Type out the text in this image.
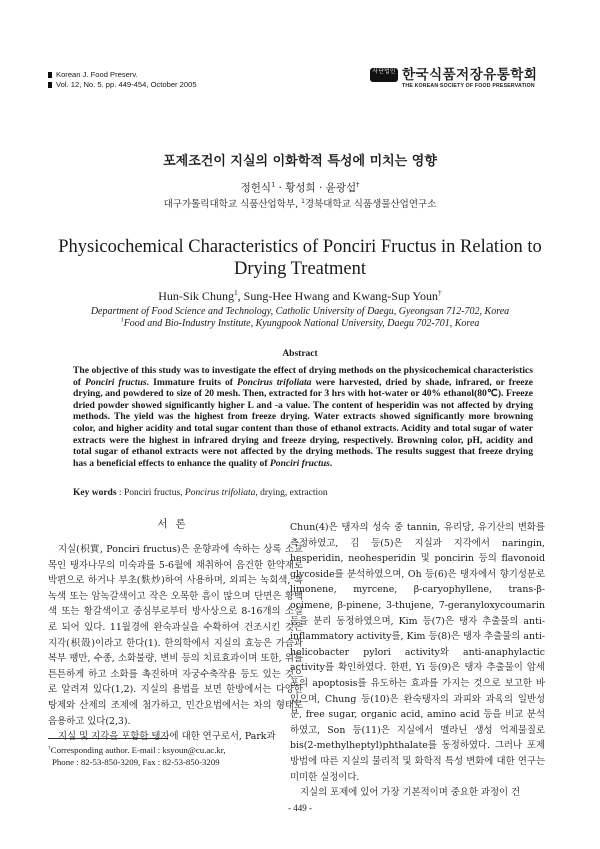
Korean J. Food Preserv.
Vol. 12, No. 5. pp. 449-454, October 2005
사단법인 한국식품저장유통학회
THE KOREAN SOCIETY OF FOOD PRESERVATION
포제조건이 지실의 이화학적 특성에 미치는 영향
정헌식$^1$ · 황성희 · 윤광섭†
대구가톨릭대학교 식품산업학부, $^1$경북대학교 식품생물산업연구소
Physicochemical Characteristics of Ponciri Fructus in Relation to Drying Treatment
Hun-Sik Chung$^1$, Sung-Hee Hwang and Kwang-Sup Youn†
Department of Food Science and Technology, Catholic University of Daegu, Gyeongsan 712-702, Korea
$^1$Food and Bio-Industry Institute, Kyungpook National University, Daegu 702-701, Korea
Abstract
The objective of this study was to investigate the effect of drying methods on the physicochemical characteristics of Ponciri fructus. Immature fruits of Poncirus trifoliata were harvested, dried by shade, infrared, or freeze drying, and powdered to size of 20 mesh. Then, extracted for 3 hrs with hot-water or 40% ethanol(80℃). Freeze dried powder showed significantly higher L and -a value. The content of hesperidin was not affected by drying methods. The yield was the highest from freeze drying. Water extracts showed significantly more browning color, and higher acidity and total sugar content than those of ethanol extracts. Acidity and total sugar of water extracts were the highest in infrared drying and freeze drying, respectively. Browning color, pH, acidity and total sugar of ethanol extracts were not affected by the drying methods. The results suggest that freeze drying has a beneficial effects to enhance the quality of Ponciri fructus.
Key words : Ponciri fructus, Poncirus trifoliata, drying, extraction
서론

지실(枳實, Ponciri fructus)은 운향과에 속하는 상록 소교목인 탱자나무의 미숙과를 5-6월에 채취하여 음건한 한약재로 박편으로 하거나 부초(麩炒)하여 사용하며, 외피는 녹회색, 흑녹색 또는 암녹갈색이고 작은 오목한 흠이 많으며 단면은 황백색 또는 황갈색이고 중심부로부터 방사상으로 8-16개의 소실로 되어 있다. 11월경에 완숙과실을 수확하여 건조시킨 것은 지각(枳殼)이라고 한다(1). 한의학에서 지실의 효능은 가슴과 복부 팽만, 수종, 소화불량, 변비 등의 치료효과이며 또한, 위를 튼튼하게 하고 소화를 촉진하며 자궁수축작용 등도 있는 것으로 알려져 있다(1,2). 지실의 용법을 보면 한방에서는 다양한 탕제와 산제의 조제에 첨가하고, 민간요법에서는 차의 형태로 음용하고 있다(2,3).

지실 및 지각을 포함한 탱자에 대한 연구로서, Park과

Chun(4)은 탱자의 성숙 중 tannin, 유리당, 유기산의 변화를 측정하였고, 김 등(5)은 지실과 지각에서 naringin, hesperidin, neohesperidin 및 poncirin 등의 flavonoid glycoside를 분석하였으며, Oh 등(6)은 탱자에서 향기성분로 limonene, myrcene, β-caryophyllene, trans-β-ocimene, β-pinene, 3-thujene, 7-geranyloxycoumarin 등을 분리 동정하였으며, Kim 등(7)은 탱자 추출물의 anti-inflammatory activity를, Kim 등(8)은 탱자 추출물의 anti-helicobacter pylori activity와 anti-anaphylactic activity를 확인하였다. 한편, Yi 등(9)은 탱자 추출물이 암세포의 apoptosis를 유도하는 효과를 가지는 것으로 보고한 바 있으며, Chung 등(10)은 완숙탱자의 과피와 과육의 일반성분, free sugar, organic acid, amino acid 등을 비교 분석하였고, Son 등(11)은 지실에서 멜라닌 생성 억제물질로 bis(2-methylheptyl)phthalate를 동정하였다. 그러나 포제방법에 따른 지실의 물리적 및 화학적 특성 변화에 대한 연구는 미미한 실정이다.

지실의 포제에 있어 가장 기본적이며 중요한 과정이 건

†Corresponding author. E-mail : ksyoun@cu.ac.kr,
Phone : 82-53-850-3209, Fax : 82-53-850-3209
- 449 -
